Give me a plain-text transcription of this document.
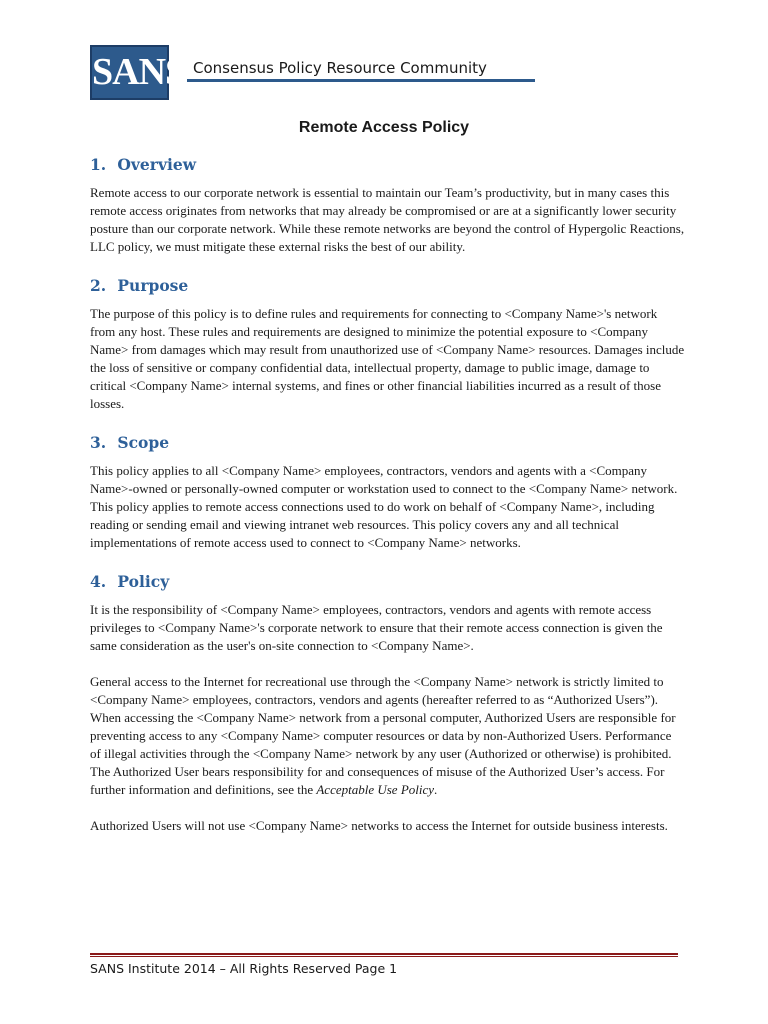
SANS Consensus Policy Resource Community
Remote Access Policy
1. Overview

Remote access to our corporate network is essential to maintain our Team’s productivity, but in many cases this remote access originates from networks that may already be compromised or are at a significantly lower security posture than our corporate network. While these remote networks are beyond the control of Hypergolic Reactions, LLC policy, we must mitigate these external risks the best of our ability.

2. Purpose

The purpose of this policy is to define rules and requirements for connecting to <Company Name>'s network from any host. These rules and requirements are designed to minimize the potential exposure to <Company Name> from damages which may result from unauthorized use of <Company Name> resources. Damages include the loss of sensitive or company confidential data, intellectual property, damage to public image, damage to critical <Company Name> internal systems, and fines or other financial liabilities incurred as a result of those losses.

3. Scope

This policy applies to all <Company Name> employees, contractors, vendors and agents with a <Company Name>-owned or personally-owned computer or workstation used to connect to the <Company Name> network. This policy applies to remote access connections used to do work on behalf of <Company Name>, including reading or sending email and viewing intranet web resources. This policy covers any and all technical implementations of remote access used to connect to <Company Name> networks.

4. Policy

It is the responsibility of <Company Name> employees, contractors, vendors and agents with remote access privileges to <Company Name>'s corporate network to ensure that their remote access connection is given the same consideration as the user's on-site connection to <Company Name>.

General access to the Internet for recreational use through the <Company Name> network is strictly limited to <Company Name> employees, contractors, vendors and agents (hereafter referred to as “Authorized Users”). When accessing the <Company Name> network from a personal computer, Authorized Users are responsible for preventing access to any <Company Name> computer resources or data by non-Authorized Users. Performance of illegal activities through the <Company Name> network by any user (Authorized or otherwise) is prohibited. The Authorized User bears responsibility for and consequences of misuse of the Authorized User’s access. For further information and definitions, see the Acceptable Use Policy.

Authorized Users will not use <Company Name> networks to access the Internet for outside business interests.

SANS Institute 2014 – All Rights Reserved Page 1
